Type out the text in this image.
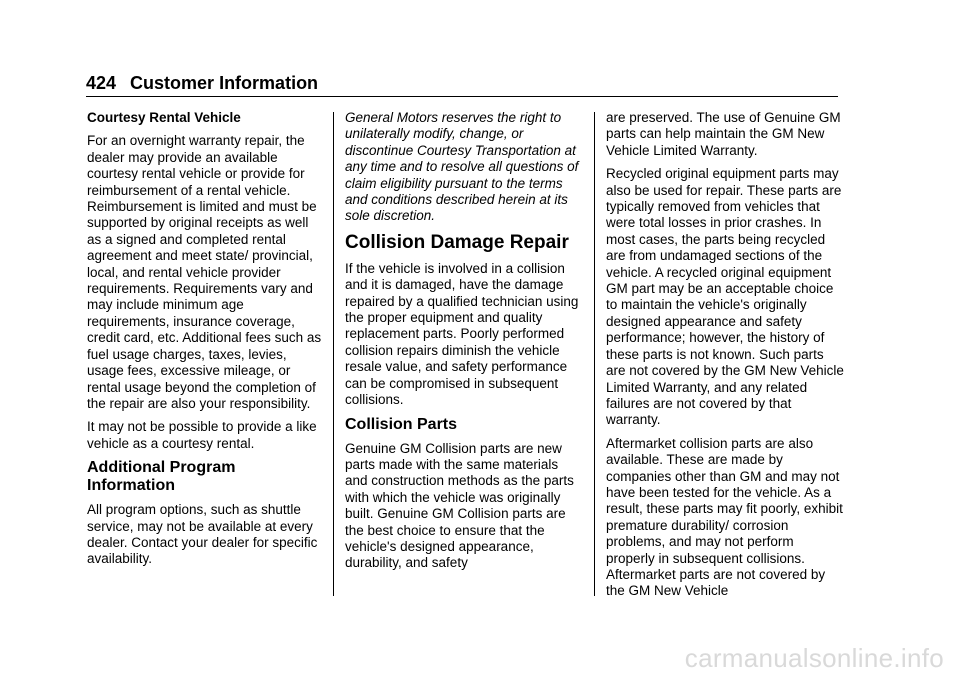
424 Customer Information

Courtesy Rental Vehicle

For an overnight warranty repair, the dealer may provide an available courtesy rental vehicle or provide for reimbursement of a rental vehicle. Reimbursement is limited and must be supported by original receipts as well as a signed and completed rental agreement and meet state/ provincial, local, and rental vehicle provider requirements. Requirements vary and may include minimum age requirements, insurance coverage, credit card, etc. Additional fees such as fuel usage charges, taxes, levies, usage fees, excessive mileage, or rental usage beyond the completion of the repair are also your responsibility.

It may not be possible to provide a like vehicle as a courtesy rental.

Additional Program Information

All program options, such as shuttle service, may not be available at every dealer. Contact your dealer for specific availability.

General Motors reserves the right to unilaterally modify, change, or discontinue Courtesy Transportation at any time and to resolve all questions of claim eligibility pursuant to the terms and conditions described herein at its sole discretion.

Collision Damage Repair

If the vehicle is involved in a collision and it is damaged, have the damage repaired by a qualified technician using the proper equipment and quality replacement parts. Poorly performed collision repairs diminish the vehicle resale value, and safety performance can be compromised in subsequent collisions.

Collision Parts

Genuine GM Collision parts are new parts made with the same materials and construction methods as the parts with which the vehicle was originally built. Genuine GM Collision parts are the best choice to ensure that the vehicle's designed appearance, durability, and safety

are preserved. The use of Genuine GM parts can help maintain the GM New Vehicle Limited Warranty.

Recycled original equipment parts may also be used for repair. These parts are typically removed from vehicles that were total losses in prior crashes. In most cases, the parts being recycled are from undamaged sections of the vehicle. A recycled original equipment GM part may be an acceptable choice to maintain the vehicle's originally designed appearance and safety performance; however, the history of these parts is not known. Such parts are not covered by the GM New Vehicle Limited Warranty, and any related failures are not covered by that warranty.

Aftermarket collision parts are also available. These are made by companies other than GM and may not have been tested for the vehicle. As a result, these parts may fit poorly, exhibit premature durability/ corrosion problems, and may not perform properly in subsequent collisions. Aftermarket parts are not covered by the GM New Vehicle

carmanualsonline.info
